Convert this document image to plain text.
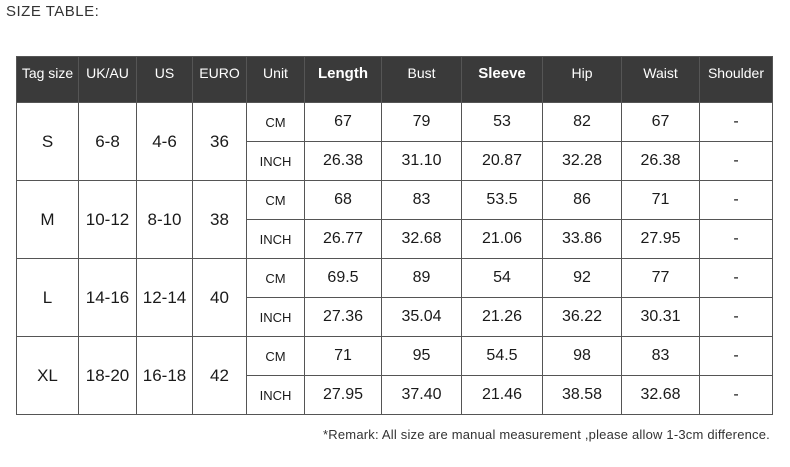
SIZE TABLE:
Tag size	UK/AU	US	EURO	Unit	Length	Bust	Sleeve	Hip	Waist	Shoulder
S	6-8	4-6	36	CM	67	79	53	82	67	-
				INCH	26.38	31.10	20.87	32.28	26.38	-
M	10-12	8-10	38	CM	68	83	53.5	86	71	-
				INCH	26.77	32.68	21.06	33.86	27.95	-
L	14-16	12-14	40	CM	69.5	89	54	92	77	-
				INCH	27.36	35.04	21.26	36.22	30.31	-
XL	18-20	16-18	42	CM	71	95	54.5	98	83	-
				INCH	27.95	37.40	21.46	38.58	32.68	-
*Remark: All size are manual measurement ,please allow 1-3cm difference.
